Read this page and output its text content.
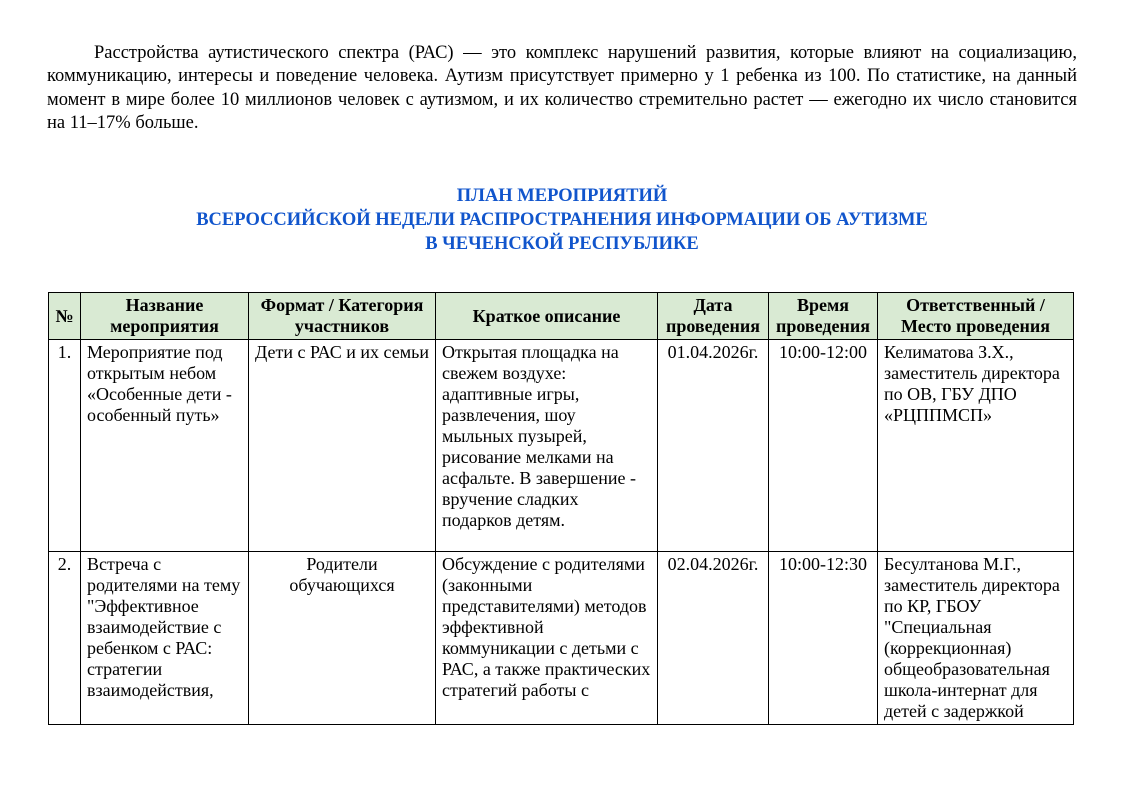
Расстройства аутистического спектра (РАС) — это комплекс нарушений развития, которые влияют на социализацию, коммуникацию, интересы и поведение человека. Аутизм присутствует примерно у 1 ребенка из 100. По статистике, на данный момент в мире более 10 миллионов человек с аутизмом, и их количество стремительно растет — ежегодно их число становится на 11–17% больше.

ПЛАН МЕРОПРИЯТИЙ
ВСЕРОССИЙСКОЙ НЕДЕЛИ РАСПРОСТРАНЕНИЯ ИНФОРМАЦИИ ОБ АУТИЗМЕ
В ЧЕЧЕНСКОЙ РЕСПУБЛИКЕ
№	Название мероприятия	Формат / Категория участников	Краткое описание	Дата проведения	Время проведения	Ответственный / Место проведения
1.	Мероприятие под открытым небом «Особенные дети - особенный путь»	Дети с РАС и их семьи	Открытая площадка на свежем воздухе: адаптивные игры, развлечения, шоу мыльных пузырей, рисование мелками на асфальте. В завершение - вручение сладких подарков детям.	01.04.2026г.	10:00-12:00	Келиматова З.Х., заместитель директора по ОВ, ГБУ ДПО «РЦППМСП»
2.	Встреча с родителями на тему "Эффективное взаимодействие с ребенком с РАС: стратегии взаимодействия,	Родители обучающихся	Обсуждение с родителями (законными представителями) методов эффективной коммуникации с детьми с РАС, а также практических стратегий работы с	02.04.2026г.	10:00-12:30	Бесултанова М.Г., заместитель директора по КР, ГБОУ "Специальная (коррекционная) общеобразовательная школа-интернат для детей с задержкой
